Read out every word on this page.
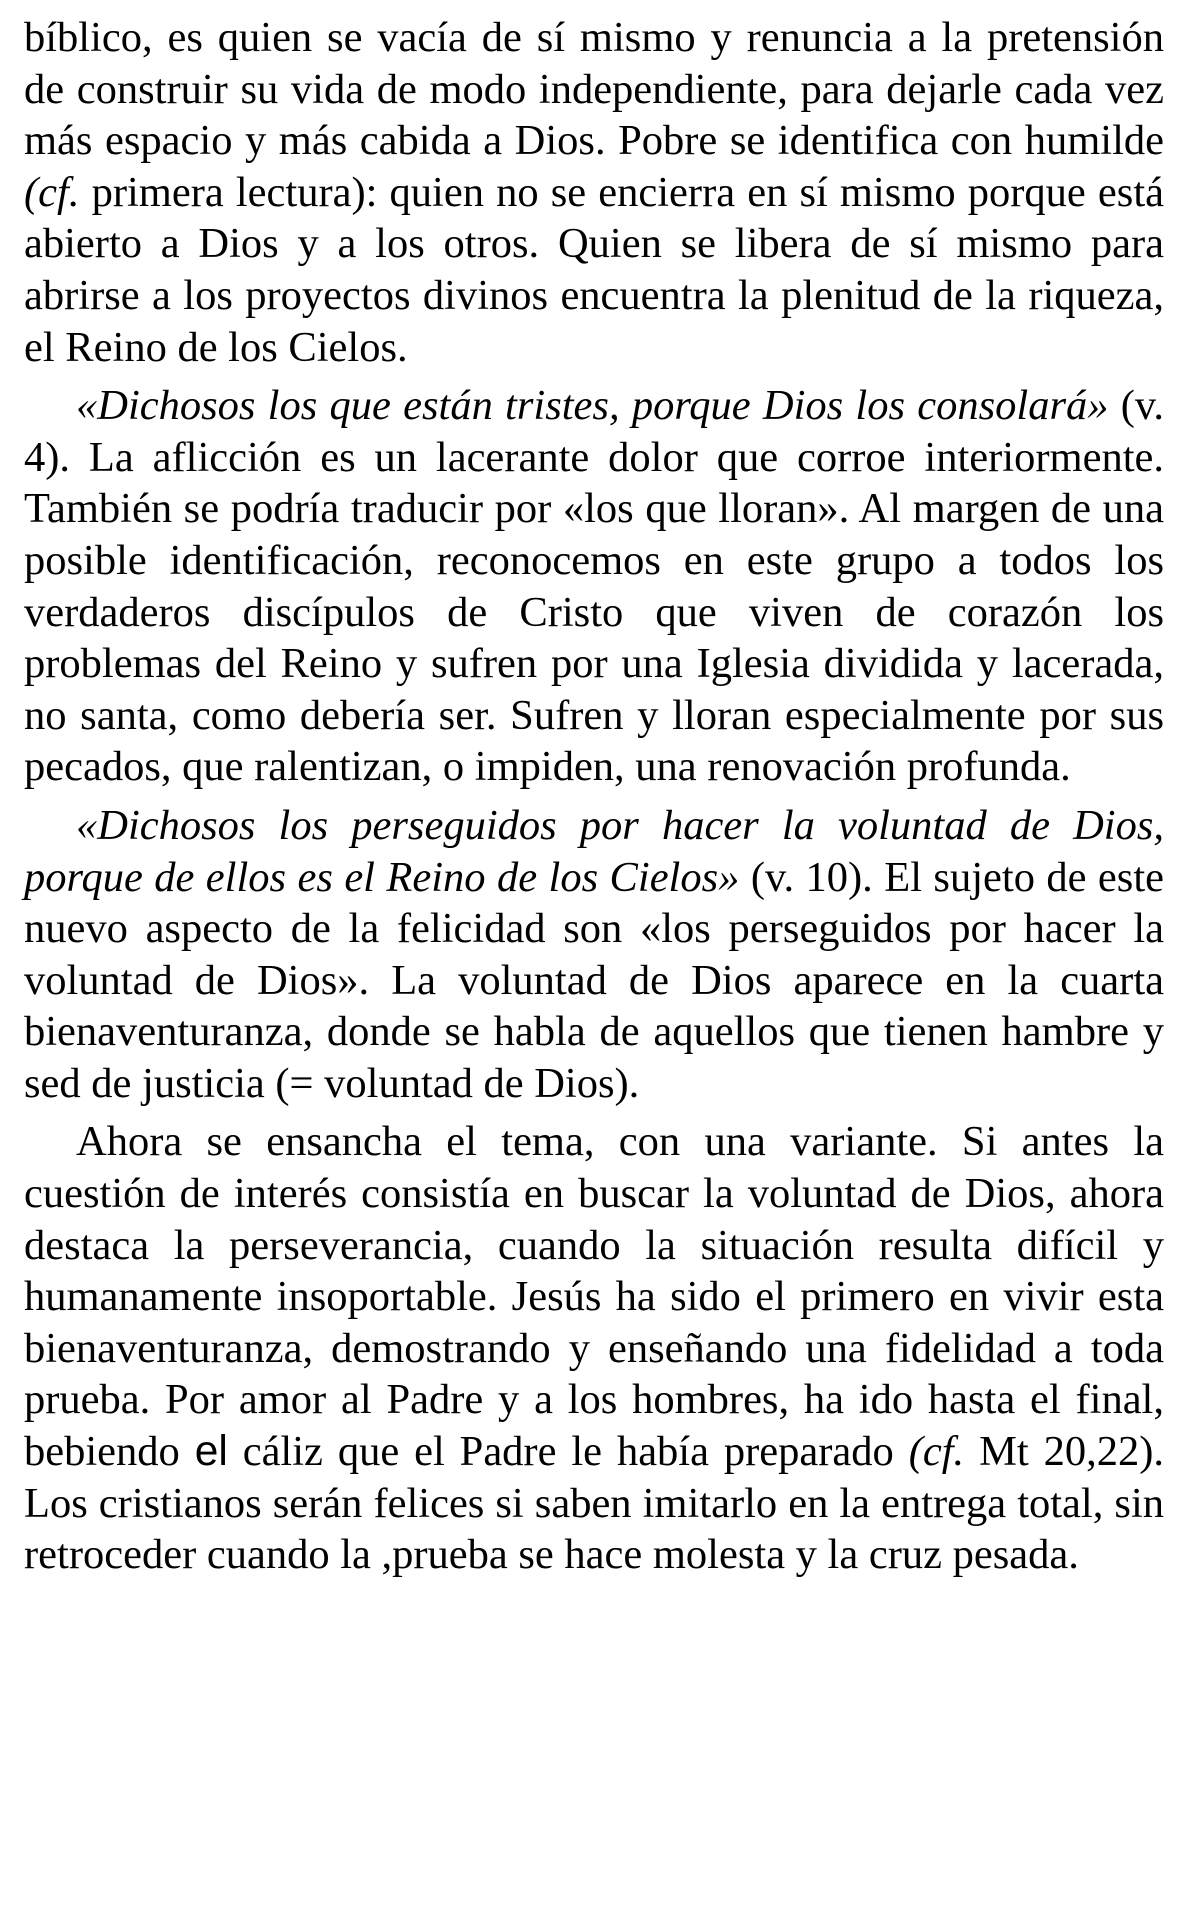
bíblico, es quien se vacía de sí mismo y renuncia a la pretensión de construir su vida de modo independiente, para dejarle cada vez más espacio y más cabida a Dios. Pobre se identifica con humilde (cf. primera lectura): quien no se encierra en sí mismo porque está abierto a Dios y a los otros. Quien se libera de sí mismo para abrirse a los proyectos divinos encuentra la plenitud de la riqueza, el Reino de los Cielos.

«Dichosos los que están tristes, porque Dios los consolará» (v. 4). La aflicción es un lacerante dolor que corroe interiormente. También se podría traducir por «los que lloran». Al margen de una posible identificación, reconocemos en este grupo a todos los verdaderos discípulos de Cristo que viven de corazón los problemas del Reino y sufren por una Iglesia dividida y lacerada, no santa, como debería ser. Sufren y lloran especialmente por sus pecados, que ralentizan, o impiden, una renovación profunda.

«Dichosos los perseguidos por hacer la voluntad de Dios, porque de ellos es el Reino de los Cielos» (v. 10). El sujeto de este nuevo aspecto de la felicidad son «los perseguidos por hacer la voluntad de Dios». La voluntad de Dios aparece en la cuarta bienaventuranza, donde se habla de aquellos que tienen hambre y sed de justicia (= voluntad de Dios).

Ahora se ensancha el tema, con una variante. Si antes la cuestión de interés consistía en buscar la voluntad de Dios, ahora destaca la perseverancia, cuando la situación resulta difícil y humanamente insoportable. Jesús ha sido el primero en vivir esta bienaventuranza, demostrando y enseñando una fidelidad a toda prueba. Por amor al Padre y a los hombres, ha ido hasta el final, bebiendo el cáliz que el Padre le había preparado (cf. Mt 20,22). Los cristianos serán felices si saben imitarlo en la entrega total, sin retroceder cuando la ,prueba se hace molesta y la cruz pesada.
